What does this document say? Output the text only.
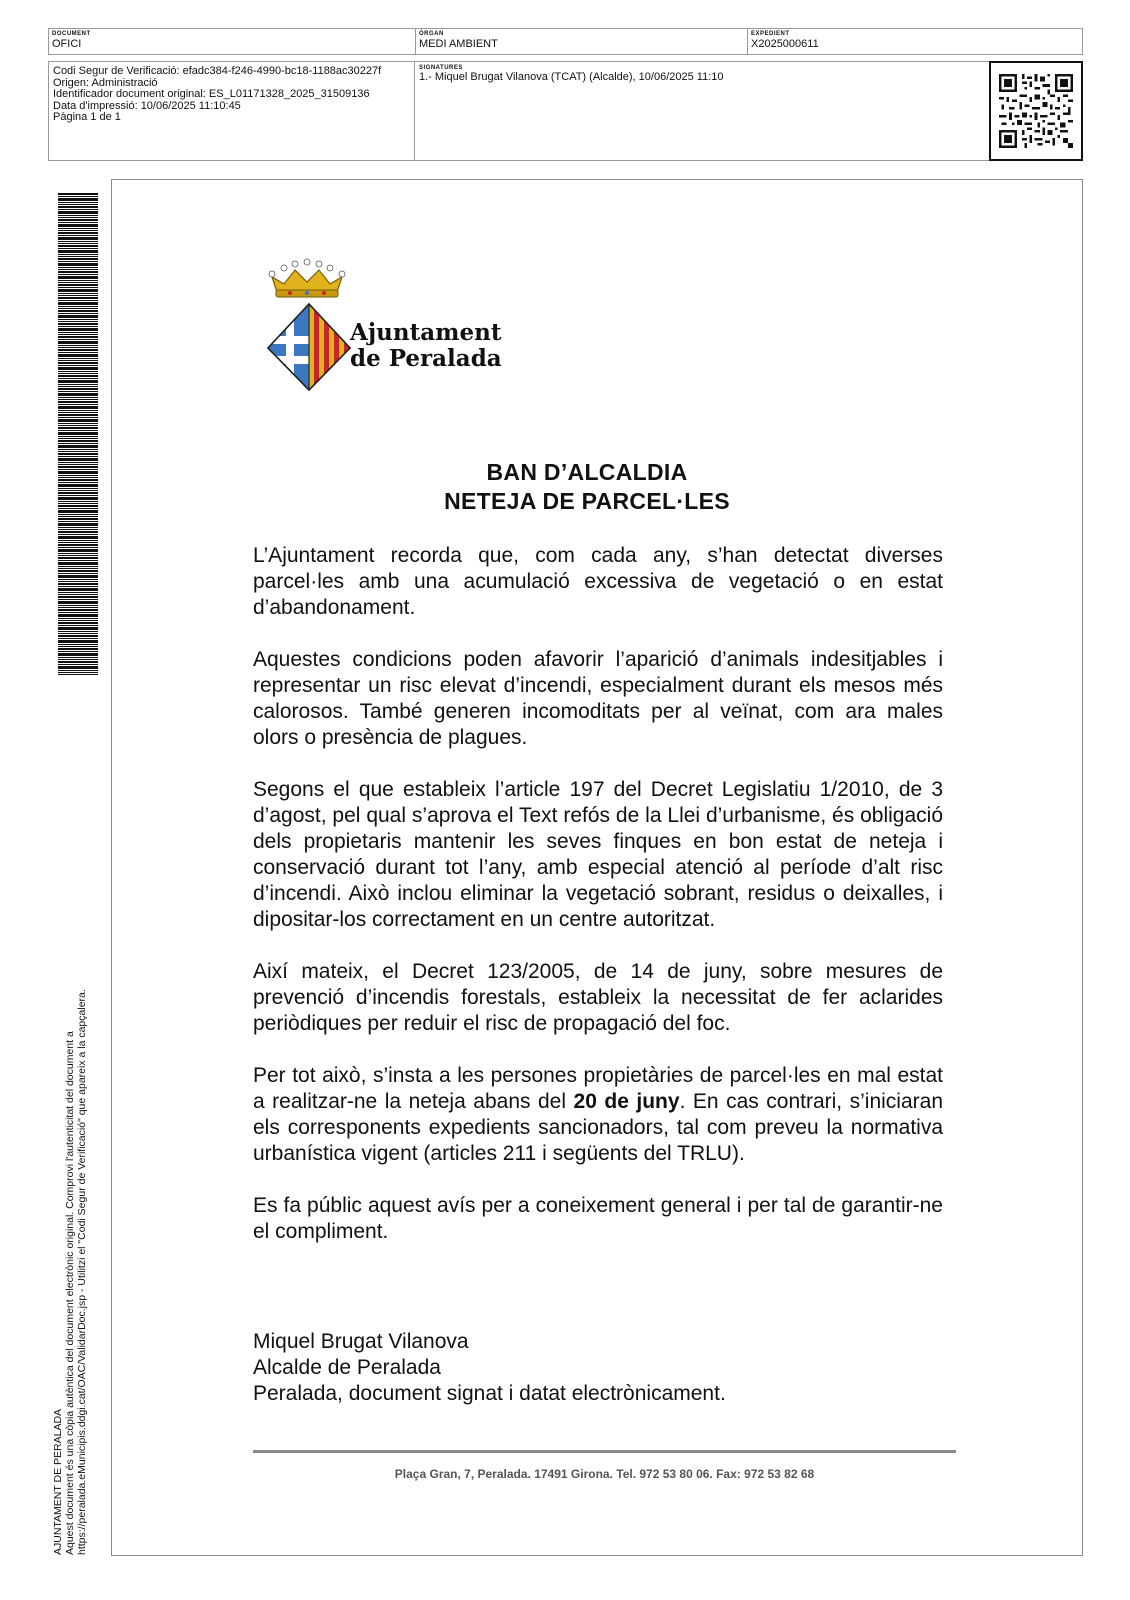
DOCUMENT
OFICI
ÒRGAN
MEDI AMBIENT
EXPEDIENT
X2025000611
Codi Segur de Verificació: efadc384-f246-4990-bc18-1188ac30227f
Origen: Administració
Identificador document original: ES_L01171328_2025_31509136
Data d'impressió: 10/06/2025 11:10:45
Pàgina 1 de 1
SIGNATURES
1.- Miquel Brugat Vilanova (TCAT) (Alcalde), 10/06/2025 11:10
AJUNTAMENT DE PERALADA Aquest document és una còpia autèntica del document electrònic original. Comprovi l'autenticitat del document a https://peralada.eMunicipis.ddgi.cat/OAC/ValidarDoc.jsp - Utilitzi el "Codi Segur de Verificació" que apareix a la capçalera.
Ajuntament
de Peralada
BAN D’ALCALDIA
NETEJA DE PARCEL·LES

L’Ajuntament recorda que, com cada any, s’han detectat diverses parcel·les amb una acumulació excessiva de vegetació o en estat d’abandonament.

Aquestes condicions poden afavorir l’aparició d’animals indesitjables i representar un risc elevat d’incendi, especialment durant els mesos més calorosos. També generen incomoditats per al veïnat, com ara males olors o presència de plagues.

Segons el que estableix l’article 197 del Decret Legislatiu 1/2010, de 3 d’agost, pel qual s’aprova el Text refós de la Llei d’urbanisme, és obligació dels propietaris mantenir les seves finques en bon estat de neteja i conservació durant tot l’any, amb especial atenció al període d’alt risc d’incendi. Això inclou eliminar la vegetació sobrant, residus o deixalles, i dipositar-los correctament en un centre autoritzat.

Així mateix, el Decret 123/2005, de 14 de juny, sobre mesures de prevenció d’incendis forestals, estableix la necessitat de fer aclarides periòdiques per reduir el risc de propagació del foc.

Per tot això, s’insta a les persones propietàries de parcel·les en mal estat a realitzar-ne la neteja abans del 20 de juny. En cas contrari, s’iniciaran els corresponents expedients sancionadors, tal com preveu la normativa urbanística vigent (articles 211 i següents del TRLU).

Es fa públic aquest avís per a coneixement general i per tal de garantir-ne el compliment.

Miquel Brugat Vilanova
Alcalde de Peralada
Peralada, document signat i datat electrònicament.
Plaça Gran, 7, Peralada. 17491 Girona. Tel. 972 53 80 06. Fax: 972 53 82 68
